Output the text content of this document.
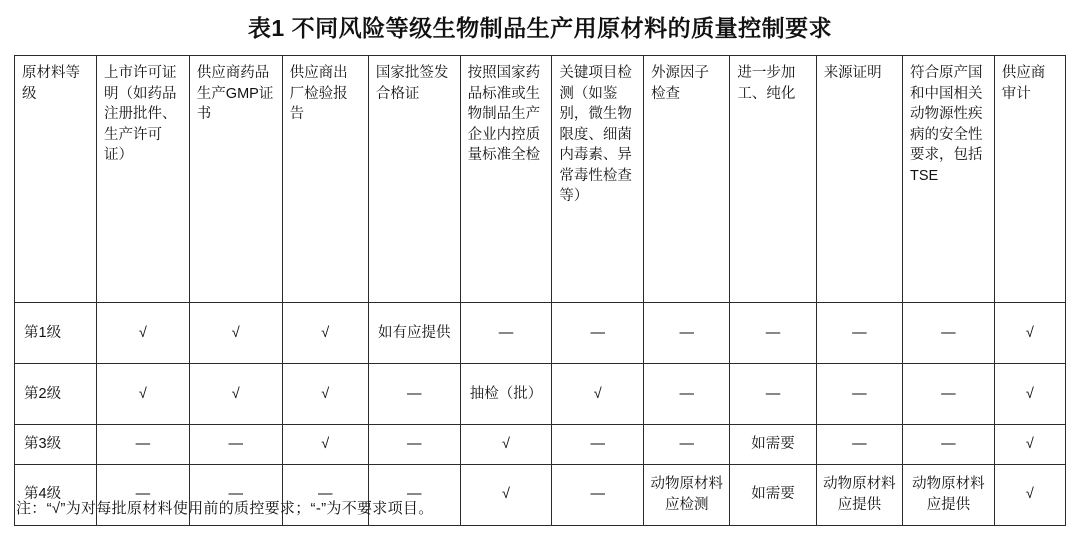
表1 不同风险等级生物制品生产用原材料的质量控制要求
原材料等级	上市许可证明（如药品注册批件、生产许可证）	供应商药品生产GMP证书	供应商出厂检验报告	国家批签发合格证	按照国家药品标准或生物制品生产企业内控质量标准全检	关键项目检测（如鉴别，微生物限度、细菌内毒素、异常毒性检查等）	外源因子检查	进一步加工、纯化	来源证明	符合原产国和中国相关动物源性疾病的安全性要求，包括TSE	供应商审计
第1级	√	√	√	如有应提供	—	—	—	—	—	—	√
第2级	√	√	√	—	抽检（批）	√	—	—	—	—	√
第3级	—	—	√	—	√	—	—	如需要	—	—	√
第4级	—	—	—	—	√	—	动物原材料应检测	如需要	动物原材料应提供	动物原材料应提供	√
注：“√”为对每批原材料使用前的质控要求；“-”为不要求项目。
